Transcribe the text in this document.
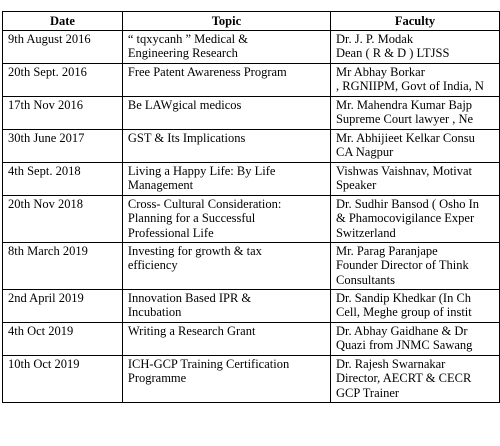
Date	Topic	Faculty

9th August 2016	“ tqxycanh ” Medical &
Engineering Research	Dr. J. P. Modak
Dean ( R & D ) LTJSS

20th Sept. 2016	Free Patent Awareness Program	Mr Abhay Borkar
, RGNIIPM, Govt of India, N

17th Nov 2016	Be LAWgical medicos	Mr. Mahendra Kumar Bajp
Supreme Court lawyer , Ne

30th June 2017	GST & Its Implications	Mr. Abhijieet Kelkar Consu
CA Nagpur

4th Sept. 2018	Living a Happy Life: By Life
Management	Vishwas Vaishnav, Motivat
Speaker

20th Nov 2018	Cross- Cultural Consideration:
Planning for a Successful
Professional Life	Dr. Sudhir Bansod ( Osho In
& Phamocovigilance Exper
Switzerland

8th March 2019	Investing for growth & tax
efficiency	Mr. Parag Paranjape
Founder Director of Think
Consultants

2nd April 2019	Innovation Based IPR &
Incubation	Dr. Sandip Khedkar (In Ch
Cell, Meghe group of instit

4th Oct 2019	Writing a Research Grant	Dr. Abhay Gaidhane & Dr
Quazi from JNMC Sawang

10th Oct 2019	ICH-GCP Training Certification
Programme	Dr. Rajesh Swarnakar
Director, AECRT & CECR
GCP Trainer
